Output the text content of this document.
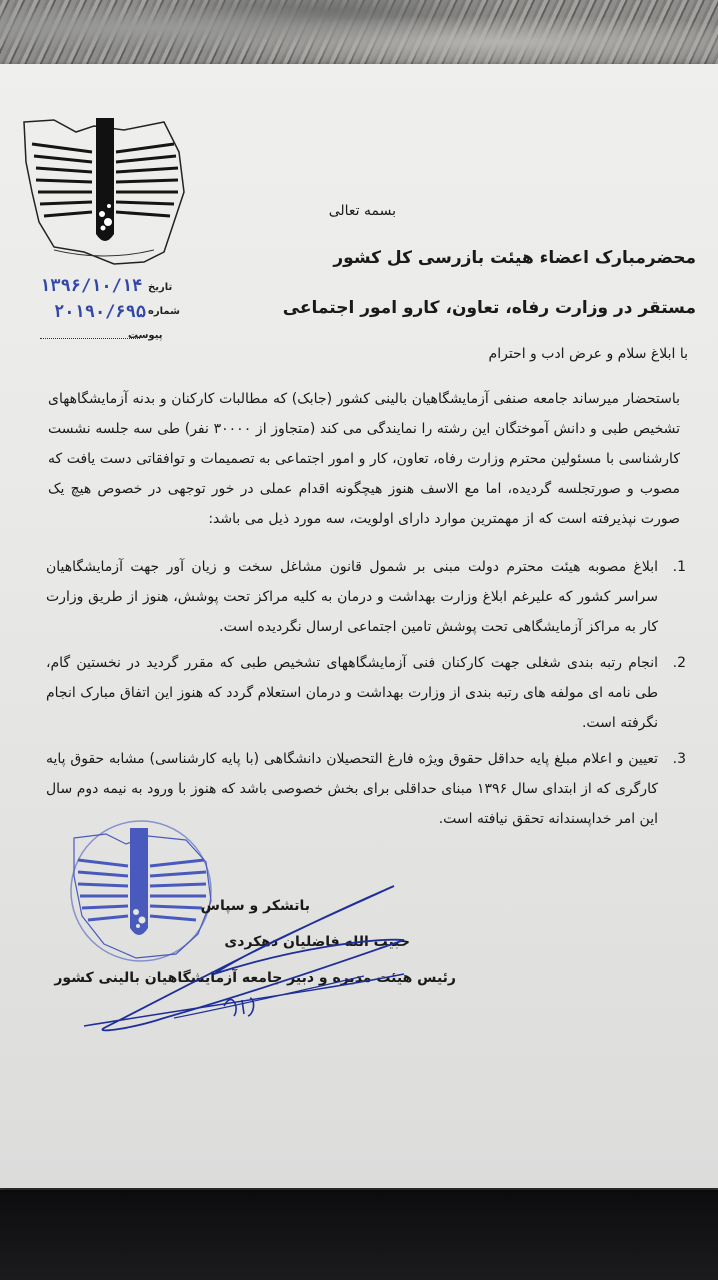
تاریخ
۱۳۹۶/۱۰/۱۴
شماره
۲۰۱۹۰/۶۹۵
پیوست
بسمه تعالی
محضرمبارک اعضاء هیئت بازرسی کل کشور
مستقر در وزارت رفاه، تعاون، کارو امور اجتماعی
با ابلاغ سلام و عرض ادب و احترام
باستحضار میرساند جامعه صنفی آزمایشگاهیان بالینی کشور (جابک) که مطالبات کارکنان و بدنه آزمایشگاههای تشخیص طبی و دانش آموختگان این رشته را نمایندگی می کند (متجاوز از ۳۰۰۰۰ نفر) طی سه جلسه نشست کارشناسی با مسئولین محترم وزارت رفاه، تعاون، کار و امور اجتماعی به تصمیمات و توافقاتی دست یافت که مصوب و صورتجلسه گردیده، اما مع الاسف هنوز هیچگونه اقدام عملی در خور توجهی در خصوص هیچ یک صورت نپذیرفته است که از مهمترین موارد دارای اولویت، سه مورد ذیل می باشد:
1.
ابلاغ مصوبه هیئت محترم دولت مبنی بر شمول قانون مشاغل سخت و زیان آور جهت آزمایشگاهیان سراسر کشور که علیرغم ابلاغ وزارت بهداشت و درمان به کلیه مراکز تحت پوشش، هنوز از طریق وزارت کار به مراکز آزمایشگاهی تحت پوشش تامین اجتماعی ارسال نگردیده است.
2.
انجام رتبه بندی شغلی جهت کارکنان فنی آزمایشگاههای تشخیص طبی که مقرر گردید در نخستین گام، طی نامه ای مولفه های رتبه بندی از وزارت بهداشت و درمان استعلام گردد که هنوز این اتفاق مبارک انجام نگرفته است.
3.
تعیین و اعلام مبلغ پایه حداقل حقوق ویژه فارغ التحصیلان دانشگاهی (با پایه کارشناسی) مشابه حقوق پایه کارگری که از ابتدای سال ۱۳۹۶ مبنای حداقلی برای بخش خصوصی باشد که هنوز با ورود به نیمه دوم سال این امر خداپسندانه تحقق نیافته است.
باتشکر و سپاس
حبیب الله فاضلیان دهکردی
رئیس هیئت مدیره و دبیر جامعه آزمایشگاهیان بالینی کشور
